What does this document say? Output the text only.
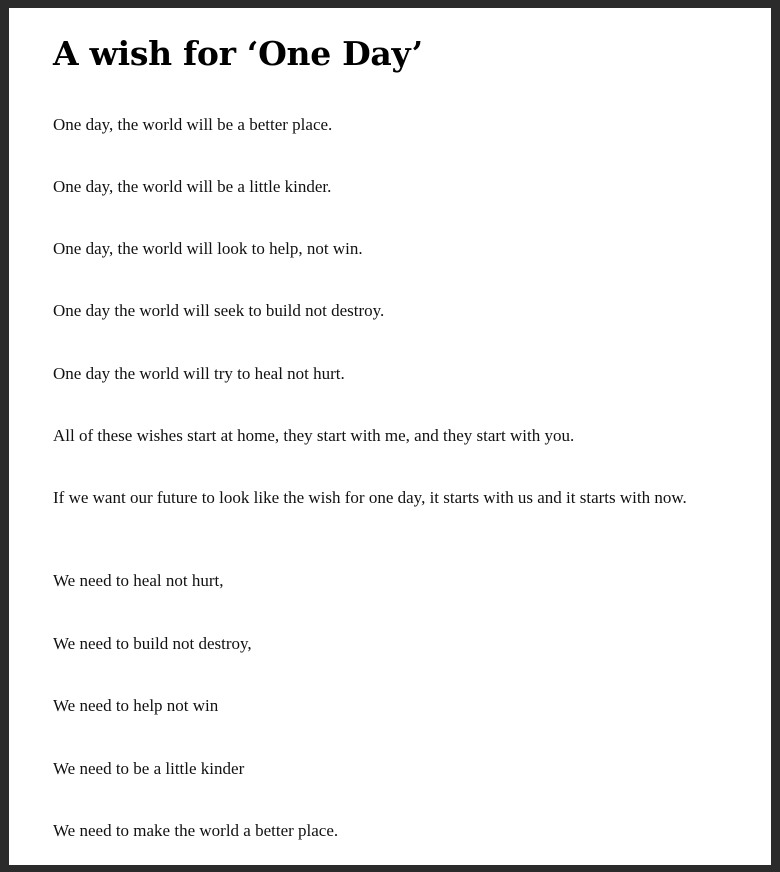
A wish for ‘One Day’

One day, the world will be a better place.

One day, the world will be a little kinder.

One day, the world will look to help, not win.

One day the world will seek to build not destroy.

One day the world will try to heal not hurt.

All of these wishes start at home, they start with me, and they start with you.

If we want our future to look like the wish for one day, it starts with us and it starts with now.

We need to heal not hurt,

We need to build not destroy,

We need to help not win

We need to be a little kinder

We need to make the world a better place.
